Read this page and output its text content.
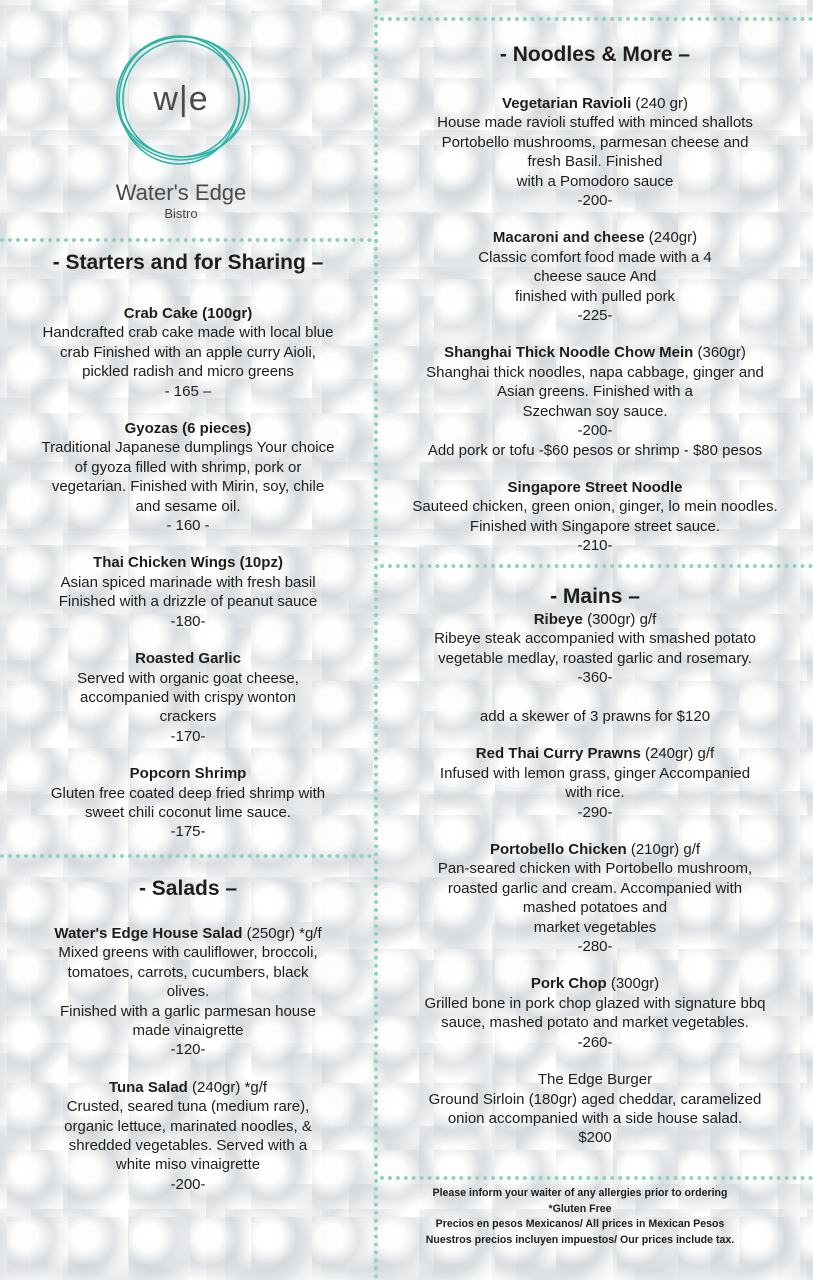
w|e
Water's Edge
Bistro

- Starters and for Sharing –

Crab Cake (100gr)

Handcrafted crab cake made with local blue

crab Finished with an apple curry Aioli,

pickled radish and micro greens

- 165 –

Gyozas (6 pieces)

Traditional Japanese dumplings Your choice

of gyoza filled with shrimp, pork or

vegetarian. Finished with Mirin, soy, chile

and sesame oil.

- 160 -

Thai Chicken Wings (10pz)

Asian spiced marinade with fresh basil

Finished with a drizzle of peanut sauce

-180-

Roasted Garlic

Served with organic goat cheese,

accompanied with crispy wonton

crackers

-170-

Popcorn Shrimp

Gluten free coated deep fried shrimp with

sweet chili coconut lime sauce.

-175-

- Salads –

Water's Edge House Salad (250gr) *g/f

Mixed greens with cauliflower, broccoli,

tomatoes, carrots, cucumbers, black

olives.

Finished with a garlic parmesan house

made vinaigrette

-120-

Tuna Salad (240gr) *g/f

Crusted, seared tuna (medium rare),

organic lettuce, marinated noodles, &

shredded vegetables. Served with a

white miso vinaigrette

-200-

- Noodles & More –

Vegetarian Ravioli (240 gr)

House made ravioli stuffed with minced shallots

Portobello mushrooms, parmesan cheese and

fresh Basil. Finished

with a Pomodoro sauce

-200-

Macaroni and cheese (240gr)

Classic comfort food made with a 4

cheese sauce And

finished with pulled pork

-225-

Shanghai Thick Noodle Chow Mein (360gr)

Shanghai thick noodles, napa cabbage, ginger and

Asian greens. Finished with a

Szechwan soy sauce.

-200-

Add pork or tofu -$60 pesos or shrimp - $80 pesos

Singapore Street Noodle

Sauteed chicken, green onion, ginger, lo mein noodles.

Finished with Singapore street sauce.

-210-

- Mains –

Ribeye (300gr) g/f

Ribeye steak accompanied with smashed potato

vegetable medlay, roasted garlic and rosemary.

-360-

add a skewer of 3 prawns for $120

Red Thai Curry Prawns (240gr) g/f

Infused with lemon grass, ginger Accompanied

with rice.

-290-

Portobello Chicken (210gr) g/f

Pan-seared chicken with Portobello mushroom,

roasted garlic and cream. Accompanied with

mashed potatoes and

market vegetables

-280-

Pork Chop (300gr)

Grilled bone in pork chop glazed with signature bbq

sauce, mashed potato and market vegetables.

-260-

The Edge Burger

Ground Sirloin (180gr) aged cheddar, caramelized

onion accompanied with a side house salad.

$200

Please inform your waiter of any allergies prior to ordering

*Gluten Free

Precios en pesos Mexicanos/ All prices in Mexican Pesos

Nuestros precios incluyen impuestos/ Our prices include tax.
